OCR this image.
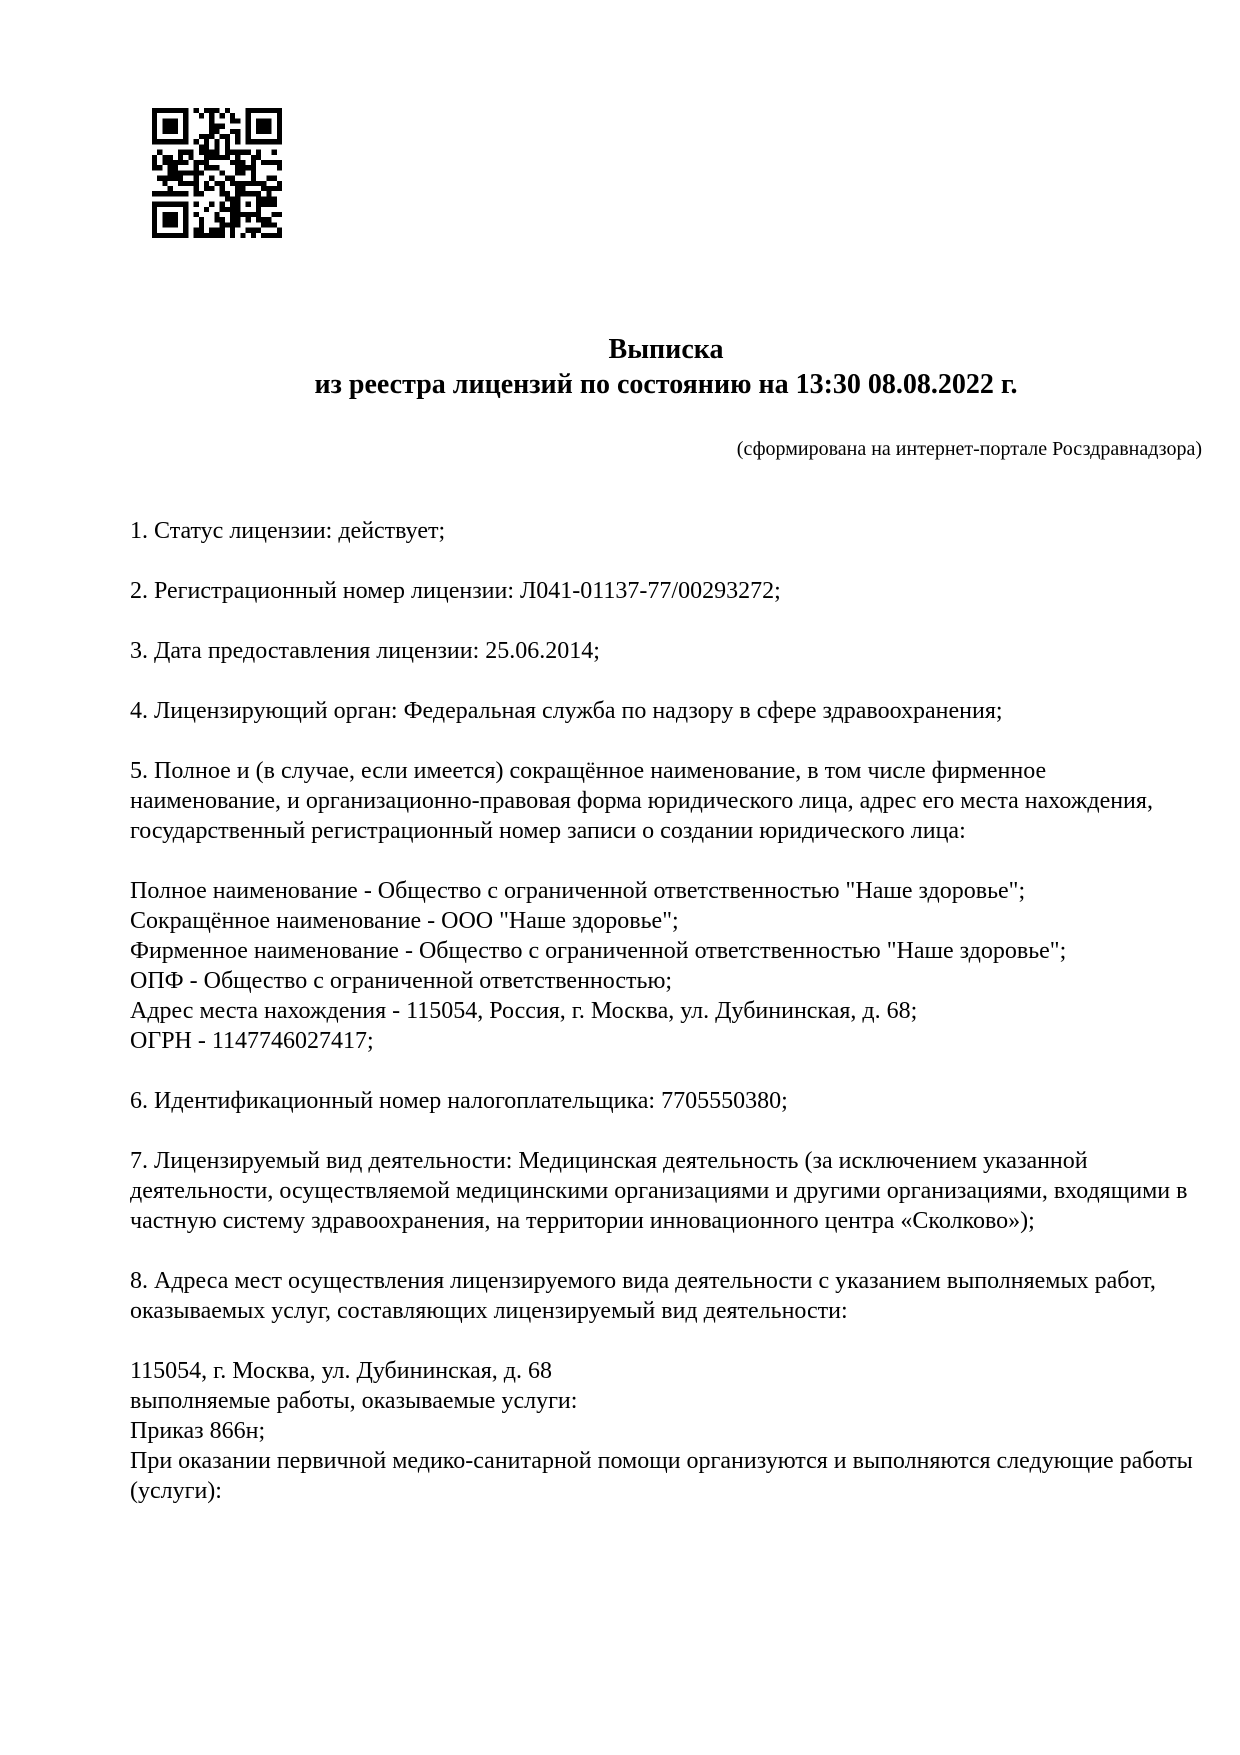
Выписка
из реестра лицензий по состоянию на 13:30 08.08.2022 г.
(сформирована на интернет-портале Росздравнадзора)

1. Статус лицензии: действует;

2. Регистрационный номер лицензии: Л041-01137-77/00293272;

3. Дата предоставления лицензии: 25.06.2014;

4. Лицензирующий орган: Федеральная служба по надзору в сфере здравоохранения;

5. Полное и (в случае, если имеется) сокращённое наименование, в том числе фирменное наименование, и организационно-правовая форма юридического лица, адрес его места нахождения, государственный регистрационный номер записи о создании юридического лица:

Полное наименование - Общество с ограниченной ответственностью "Наше здоровье";
Сокращённое наименование - ООО "Наше здоровье";
Фирменное наименование - Общество с ограниченной ответственностью "Наше здоровье";
ОПФ - Общество с ограниченной ответственностью;
Адрес места нахождения - 115054, Россия, г. Москва, ул. Дубининская, д. 68;
ОГРН - 1147746027417;

6. Идентификационный номер налогоплательщика: 7705550380;

7. Лицензируемый вид деятельности: Медицинская деятельность (за исключением указанной деятельности, осуществляемой медицинскими организациями и другими организациями, входящими в частную систему здравоохранения, на территории инновационного центра «Сколково»);

8. Адреса мест осуществления лицензируемого вида деятельности с указанием выполняемых работ, оказываемых услуг, составляющих лицензируемый вид деятельности:

115054, г. Москва, ул. Дубининская, д. 68
выполняемые работы, оказываемые услуги:
Приказ 866н;
При оказании первичной медико-санитарной помощи организуются и выполняются следующие работы (услуги):
